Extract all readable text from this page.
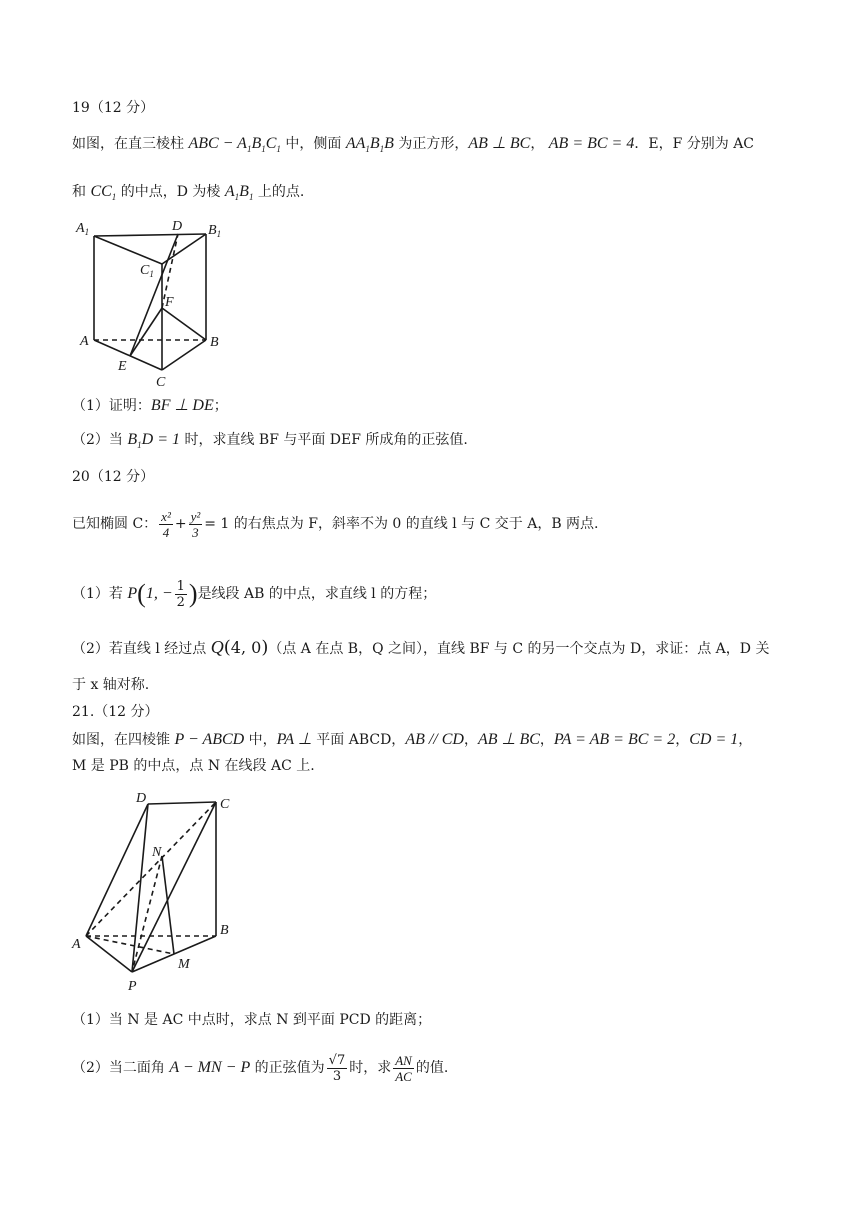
19（12 分）
如图，在直三棱柱 ABC − $A_1B_1C_1$ 中，侧面 $AA_1B_1B$ 为正方形，AB ⊥ BC， AB = BC = 4．E，F 分别为 AC
和 $CC_1$ 的中点，D 为棱 $A_1B_1$ 上的点.
$A_1$	D $B_1$
$C_1$
F
A	B
E
C
（1）证明：BF ⊥ DE；
（2）当 $B_1D = 1$ 时，求直线 BF 与平面 DEF 所成角的正弦值.
20（12 分）
已知椭圆 C： $\frac{\text{x²}}{4} + \frac{\text{y²}}{3} = 1$ 的右焦点为 F，斜率不为 0 的直线 l 与 C 交于 A，B 两点.
（1）若 P(1, − $\frac{1}{2}$ )是线段 AB 的中点，求直线 l 的方程；
（2）若直线 l 经过点 Q(4, 0)（点 A 在点 B，Q 之间），直线 BF 与 C 的另一个交点为 D，求证：点 A，D 关
于 x 轴对称.
21.（12 分）
如图，在四棱锥 P − ABCD 中，PA ⊥ 平面 ABCD，AB // CD，AB ⊥ BC，PA = AB = BC = 2，CD = 1，
M 是 PB 的中点，点 N 在线段 AC 上.
D	C
N
A
B
M
P
（1）当 N 是 AC 中点时，求点 N 到平面 PCD 的距离；
（2）当二面角 A − MN − P 的正弦值为 $\frac{√7}{3}$ 时，求 $\frac{AN}{AC}$ 的值.
